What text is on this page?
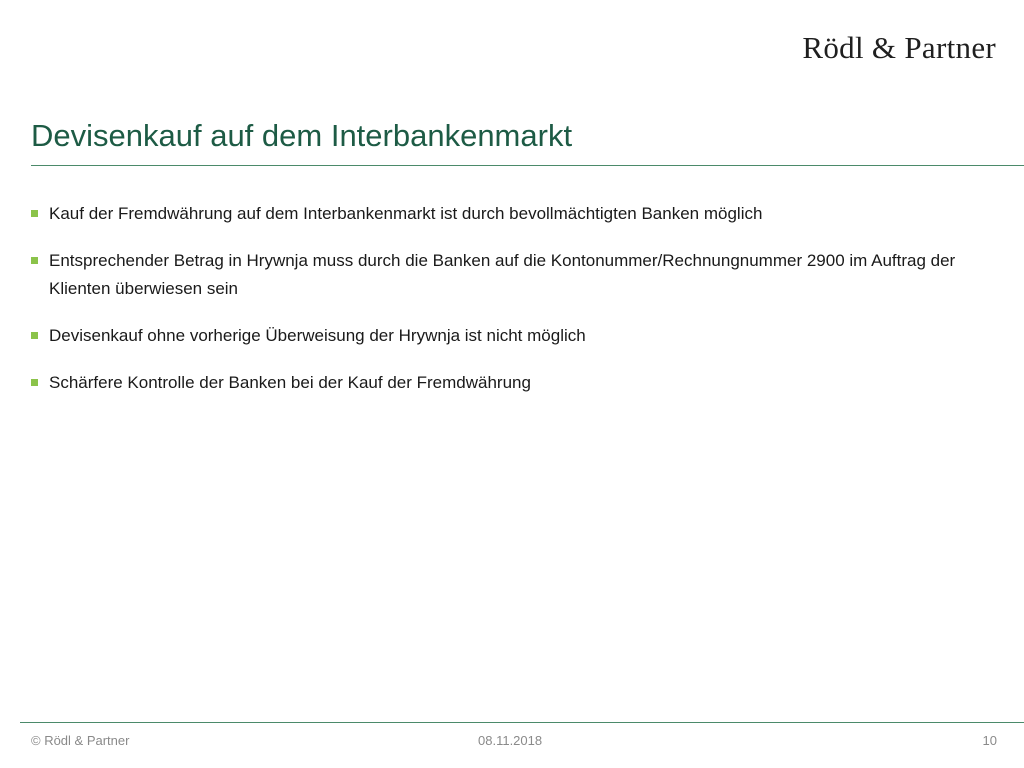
Rödl & Partner
Devisenkauf auf dem Interbankenmarkt
Kauf der Fremdwährung auf dem Interbankenmarkt ist durch bevollmächtigten Banken möglich
Entsprechender Betrag in Hrywnja muss durch die Banken auf die Kontonummer/Rechnungnummer 2900 im Auftrag der Klienten überwiesen sein
Devisenkauf ohne vorherige Überweisung der Hrywnja ist nicht möglich
Schärfere Kontrolle der Banken bei der Kauf der Fremdwährung
© Rödl & Partner	08.11.2018	10
